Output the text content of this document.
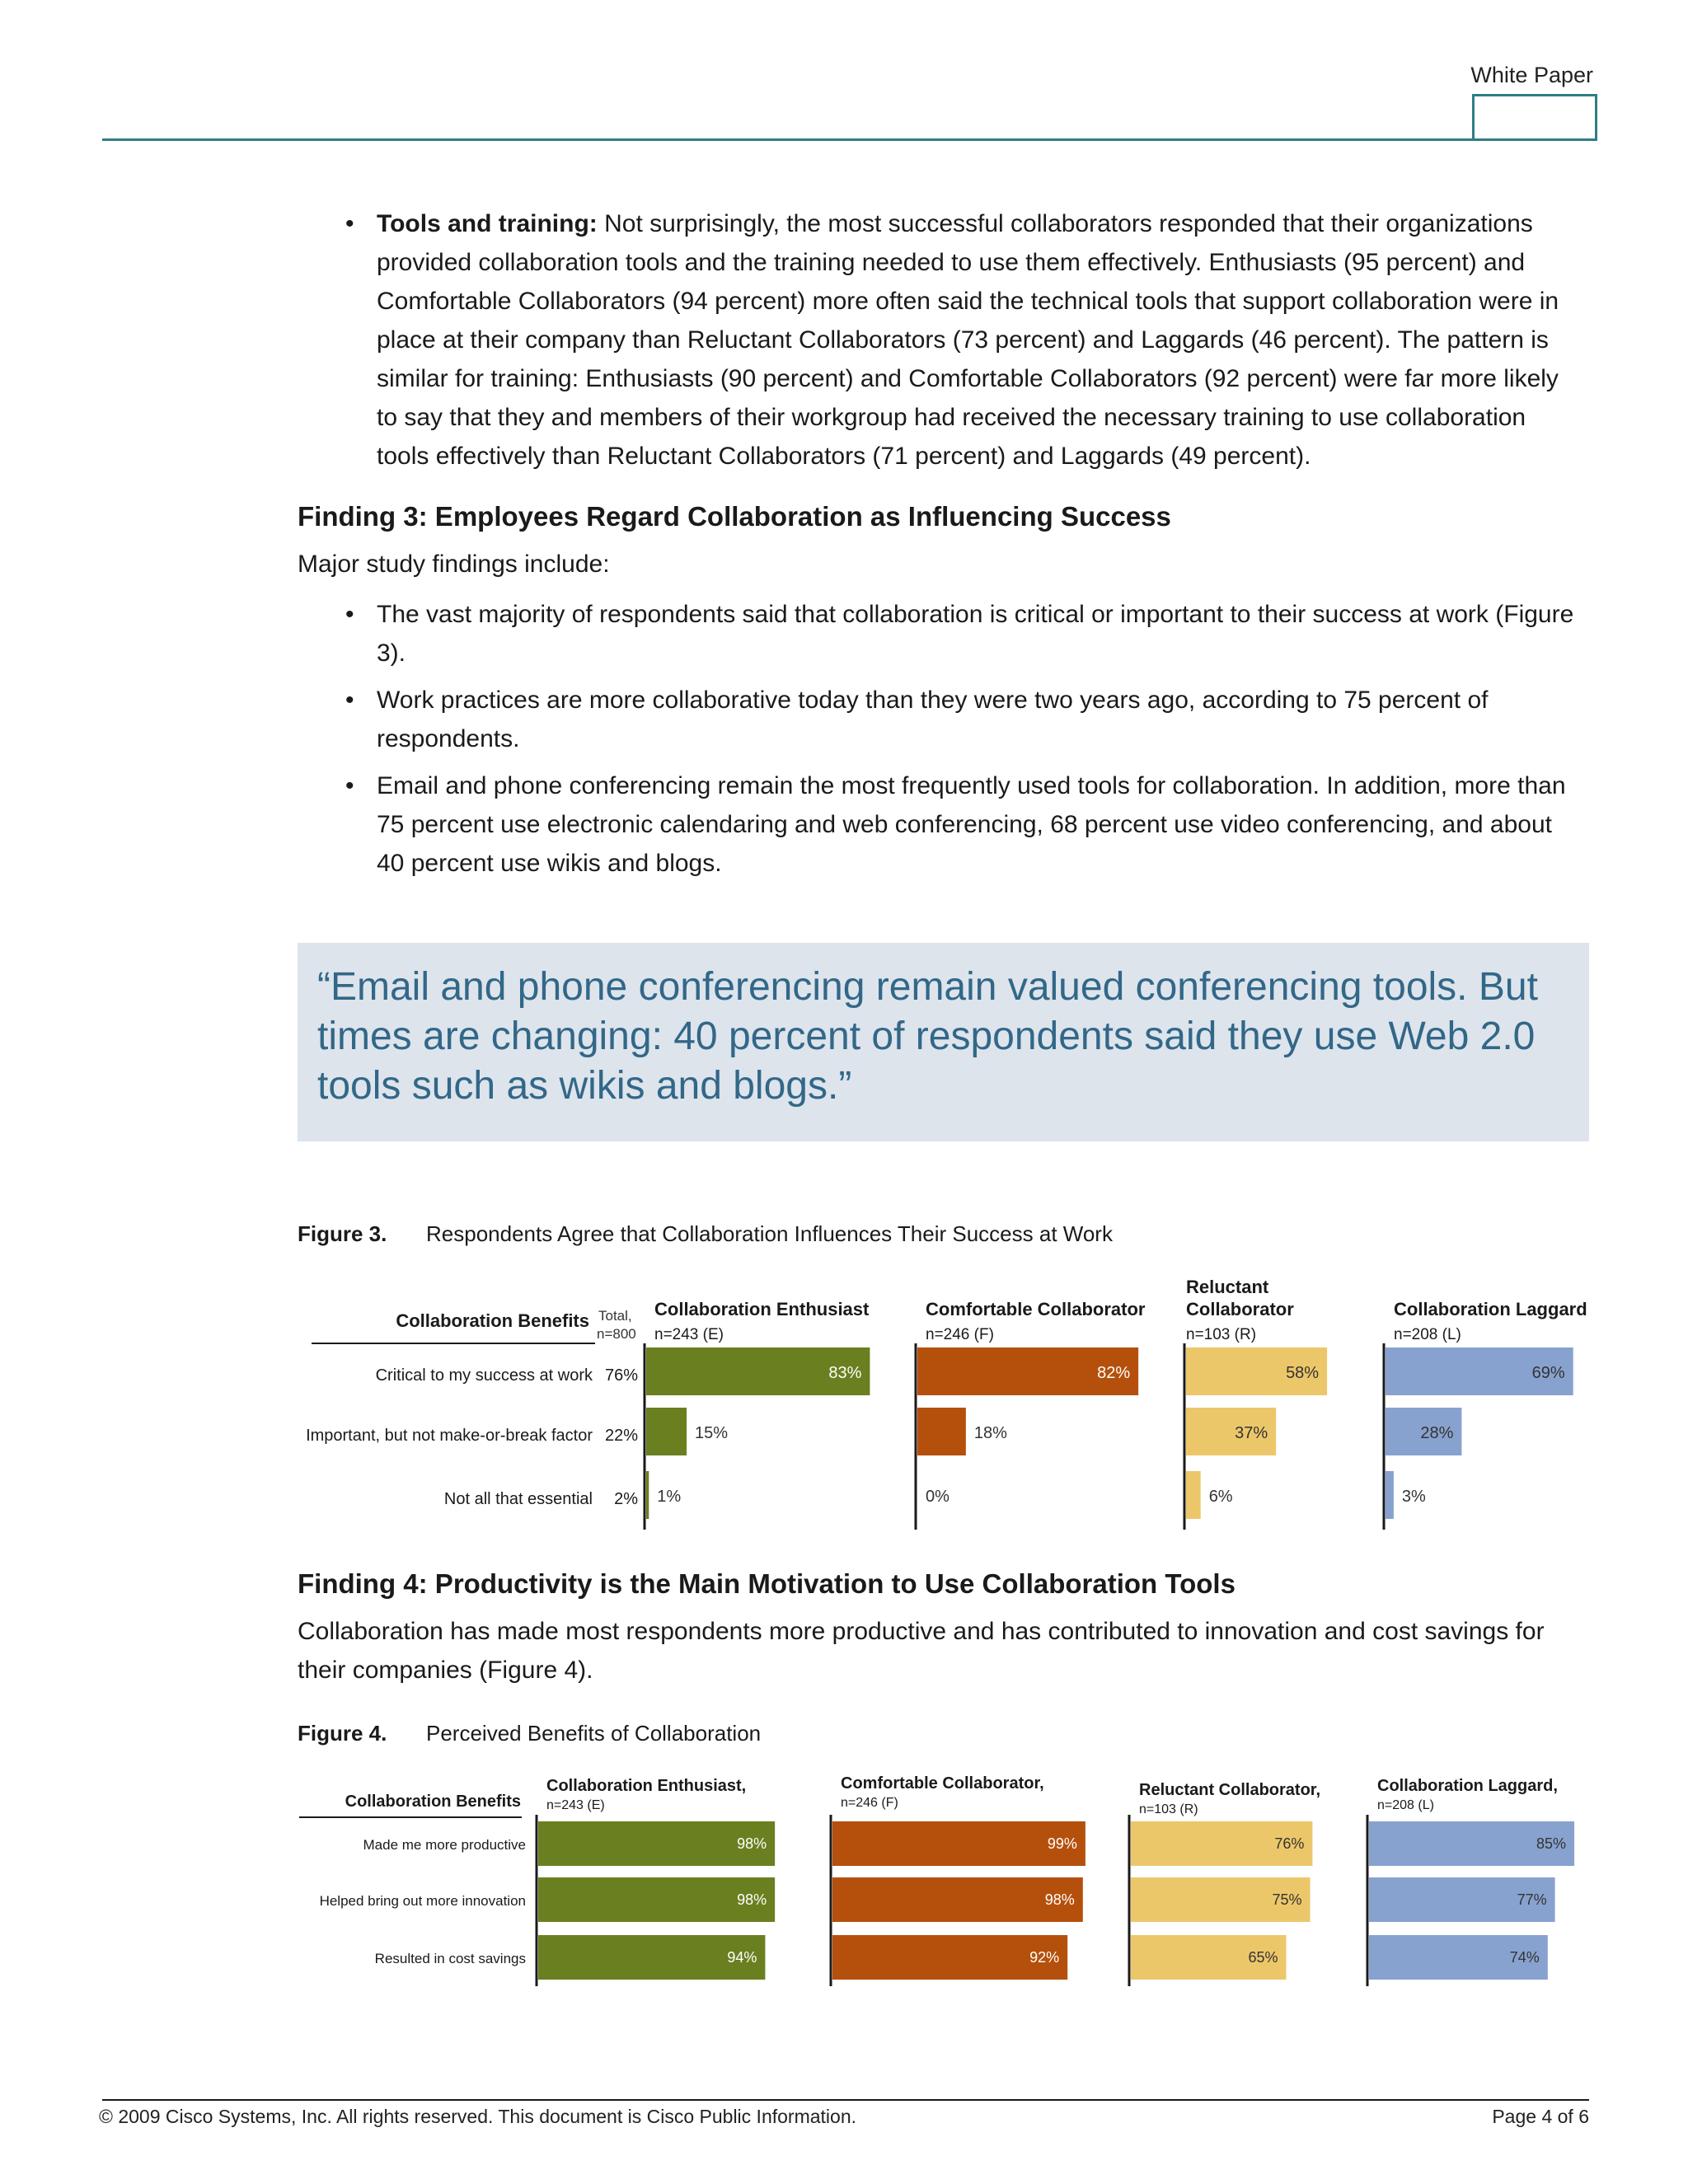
White Paper
• Tools and training: Not surprisingly, the most successful collaborators responded that their organizations provided collaboration tools and the training needed to use them effectively. Enthusiasts (95 percent) and Comfortable Collaborators (94 percent) more often said the technical tools that support collaboration were in place at their company than Reluctant Collaborators (73 percent) and Laggards (46 percent). The pattern is similar for training: Enthusiasts (90 percent) and Comfortable Collaborators (92 percent) were far more likely to say that they and members of their workgroup had received the necessary training to use collaboration tools effectively than Reluctant Collaborators (71 percent) and Laggards (49 percent).
Finding 3: Employees Regard Collaboration as Influencing Success
Major study findings include:
• The vast majority of respondents said that collaboration is critical or important to their success at work (Figure 3).
• Work practices are more collaborative today than they were two years ago, according to 75 percent of respondents.
• Email and phone conferencing remain the most frequently used tools for collaboration. In addition, more than 75 percent use electronic calendaring and web conferencing, 68 percent use video conferencing, and about 40 percent use wikis and blogs.
“Email and phone conferencing remain valued conferencing tools. But times are changing: 40 percent of respondents said they use Web 2.0 tools such as wikis and blogs.”
Figure 3. Respondents Agree that Collaboration Influences Their Success at Work
Collaboration Benefits Total,
n=800
Critical to my success at work 76%
Important, but not make-or-break factor 22%
Not all that essential 2%
Collaboration Enthusiast
n=243 (E)
83%
15%
1%
Comfortable Collaborator
n=246 (F)
82%
18%
0%
Reluctant
Collaborator
n=103 (R)
58%
37%
6%
Collaboration Laggard
n=208 (L)
69%
28%
3%
Finding 4: Productivity is the Main Motivation to Use Collaboration Tools
Collaboration has made most respondents more productive and has contributed to innovation and cost savings for their companies (Figure 4).
Figure 4. Perceived Benefits of Collaboration
Collaboration Benefits
Made me more productive
Helped bring out more innovation
Resulted in cost savings
Collaboration Enthusiast,
n=243 (E)
98%
98%
94%
Comfortable Collaborator,
n=246 (F)
99%
98%
92%
Reluctant Collaborator,
n=103 (R)
76%
75%
65%
Collaboration Laggard,
n=208 (L)
85%
77%
74%
© 2009 Cisco Systems, Inc. All rights reserved. This document is Cisco Public Information.	Page 4 of 6
